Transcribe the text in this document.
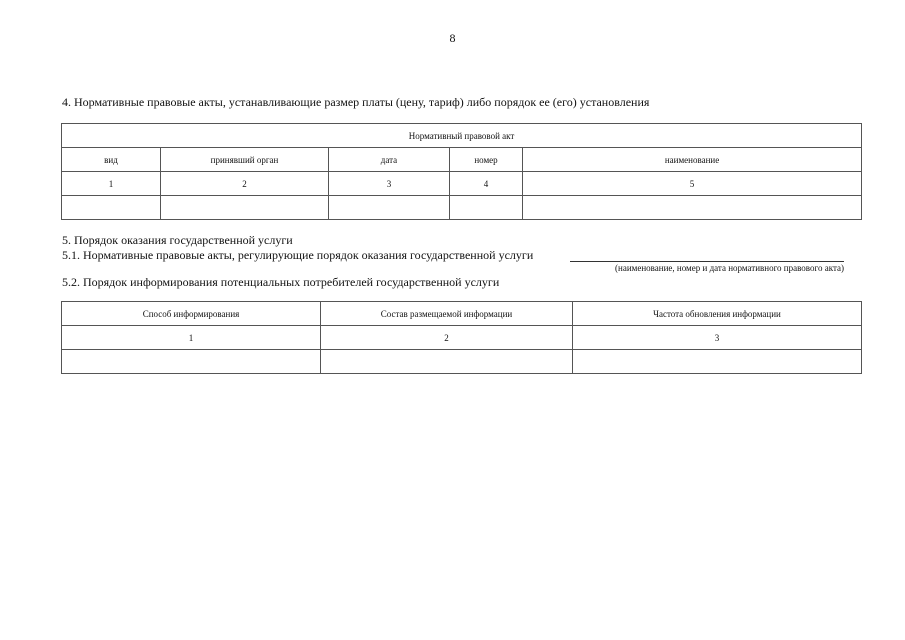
8
4. Нормативные правовые акты, устанавливающие размер платы (цену, тариф) либо порядок ее (его) установления
Нормативный правовой акт				
вид	принявший орган	дата	номер	наименование
1	2	3	4	5

5. Порядок оказания государственной услуги
5.1. Нормативные правовые акты, регулирующие порядок оказания государственной услуги
(наименование, номер и дата нормативного правового акта)
5.2. Порядок информирования потенциальных потребителей государственной услуги
Способ информирования	Состав размещаемой информации	Частота обновления информации
1	2	3
